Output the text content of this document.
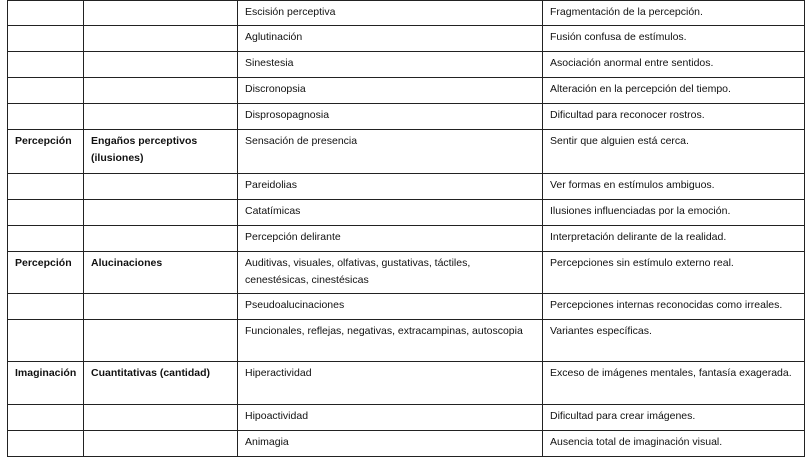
		Escisión perceptiva	Fragmentación de la percepción.
		Aglutinación	Fusión confusa de estímulos.
		Sinestesia	Asociación anormal entre sentidos.
		Discronopsia	Alteración en la percepción del tiempo.
		Disprosopagnosia	Dificultad para reconocer rostros.
Percepción	Engaños perceptivos (ilusiones)	Sensación de presencia	Sentir que alguien está cerca.
		Pareidolias	Ver formas en estímulos ambiguos.
		Catatímicas	Ilusiones influenciadas por la emoción.
		Percepción delirante	Interpretación delirante de la realidad.
Percepción	Alucinaciones	Auditivas, visuales, olfativas, gustativas, táctiles, cenestésicas, cinestésicas	Percepciones sin estímulo externo real.
		Pseudoalucinaciones	Percepciones internas reconocidas como irreales.
		Funcionales, reflejas, negativas, extracampinas, autoscopia	Variantes específicas.
Imaginación	Cuantitativas (cantidad)	Hiperactividad	Exceso de imágenes mentales, fantasía exagerada.
		Hipoactividad	Dificultad para crear imágenes.
		Animagia	Ausencia total de imaginación visual.
